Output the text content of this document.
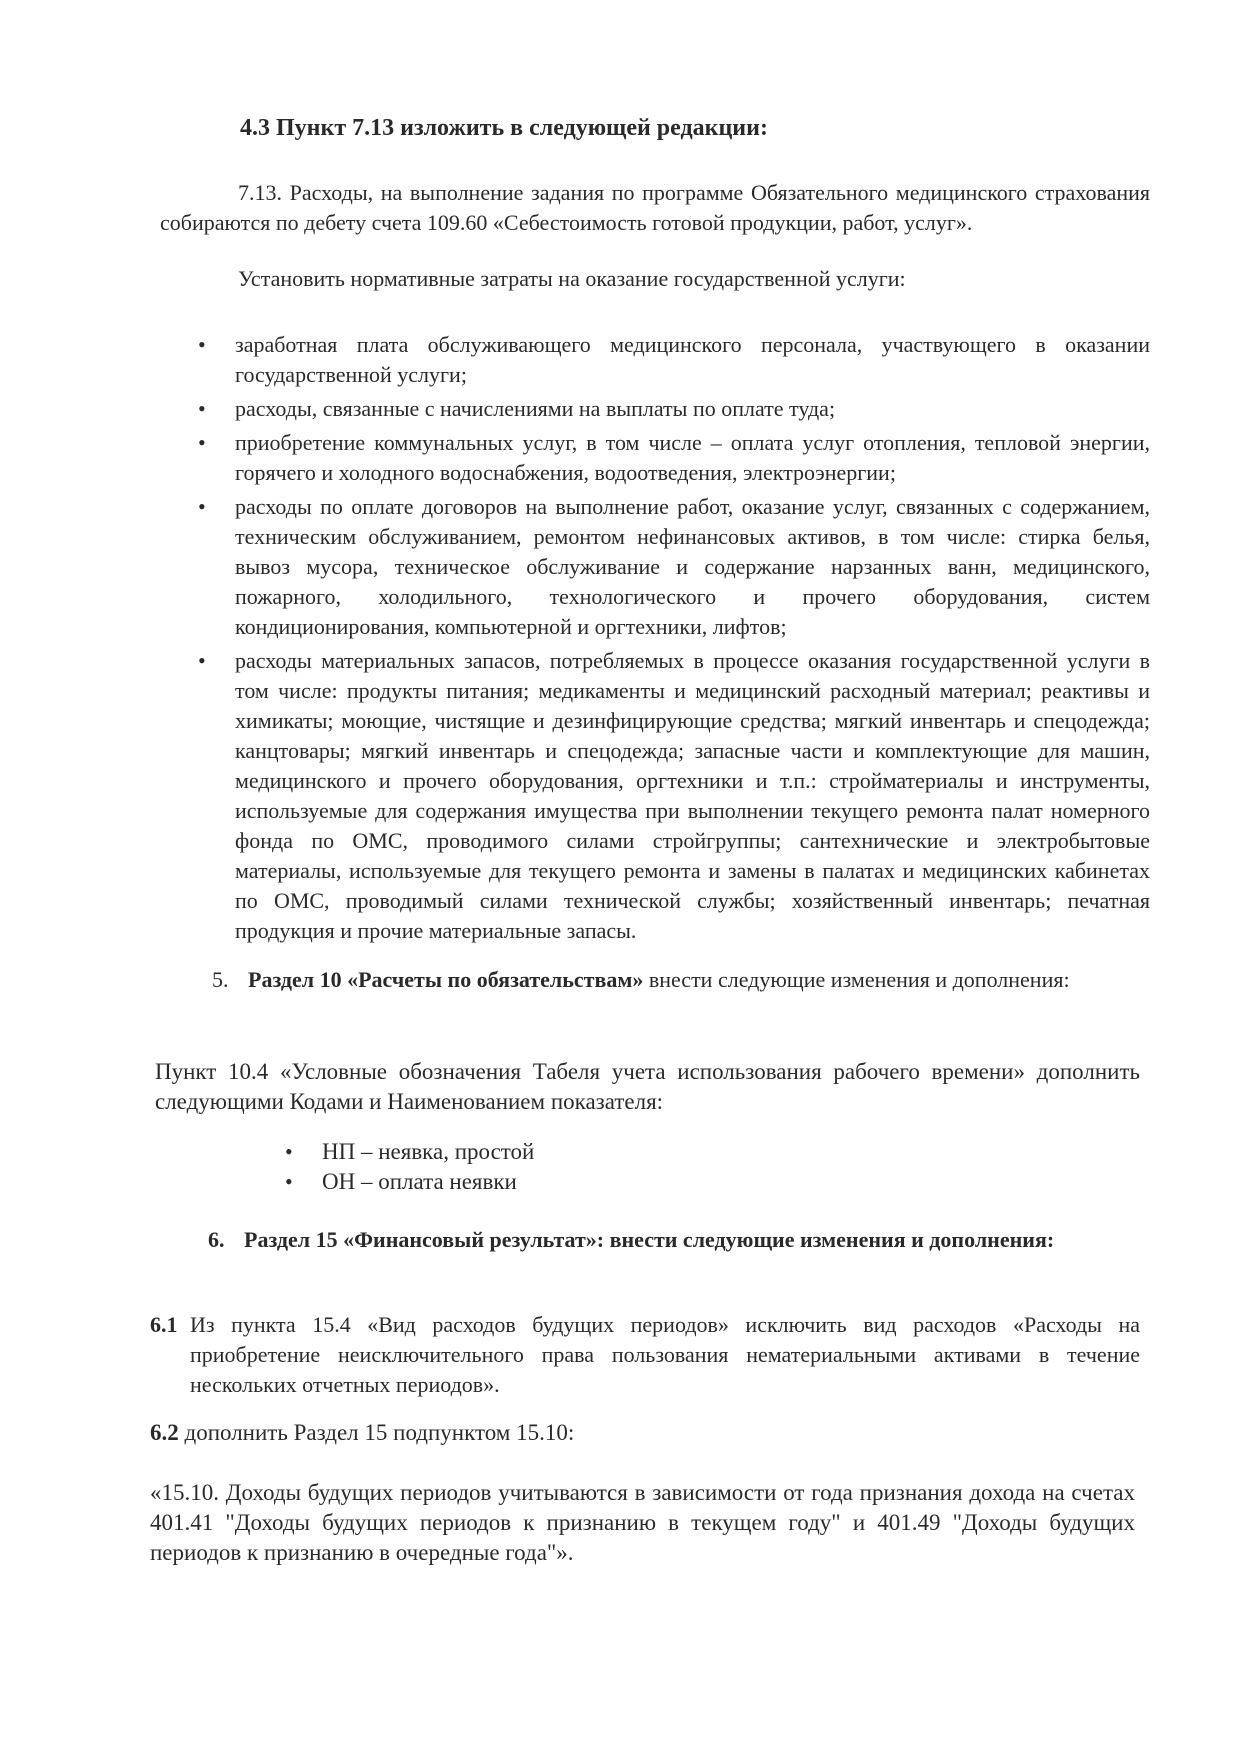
4.3 Пункт 7.13 изложить в следующей редакции:

7.13. Расходы, на выполнение задания по программе Обязательного медицинского страхования собираются по дебету счета 109.60 «Себестоимость готовой продукции, работ, услуг».

Установить нормативные затраты на оказание государственной услуги:

• заработная плата обслуживающего медицинского персонала, участвующего в оказании государственной услуги;
• расходы, связанные с начислениями на выплаты по оплате туда;
• приобретение коммунальных услуг, в том числе – оплата услуг отопления, тепловой энергии, горячего и холодного водоснабжения, водоотведения, электроэнергии;
• расходы по оплате договоров на выполнение работ, оказание услуг, связанных с содержанием, техническим обслуживанием, ремонтом нефинансовых активов, в том числе: стирка белья, вывоз мусора, техническое обслуживание и содержание нарзанных ванн, медицинского, пожарного, холодильного, технологического и прочего оборудования, систем кондиционирования, компьютерной и оргтехники, лифтов;
• расходы материальных запасов, потребляемых в процессе оказания государственной услуги в том числе: продукты питания; медикаменты и медицинский расходный материал; реактивы и химикаты; моющие, чистящие и дезинфицирующие средства; мягкий инвентарь и спецодежда; канцтовары; мягкий инвентарь и спецодежда; запасные части и комплектующие для машин, медицинского и прочего оборудования, оргтехники и т.п.: стройматериалы и инструменты, используемые для содержания имущества при выполнении текущего ремонта палат номерного фонда по ОМС, проводимого силами стройгруппы; сантехнические и электробытовые материалы, используемые для текущего ремонта и замены в палатах и медицинских кабинетах по ОМС, проводимый силами технической службы; хозяйственный инвентарь; печатная продукция и прочие материальные запасы.
5. Раздел 10 «Расчеты по обязательствам» внести следующие изменения и дополнения:

Пункт 10.4 «Условные обозначения Табеля учета использования рабочего времени» дополнить следующими Кодами и Наименованием показателя:

• НП – неявка, простой
• ОН – оплата неявки
6. Раздел 15 «Финансовый результат»: внести следующие изменения и дополнения:

6.1 Из пункта 15.4 «Вид расходов будущих периодов» исключить вид расходов «Расходы на приобретение неисключительного права пользования нематериальными активами в течение нескольких отчетных периодов».

6.2 дополнить Раздел 15 подпунктом 15.10:

«15.10. Доходы будущих периодов учитываются в зависимости от года признания дохода на счетах 401.41 "Доходы будущих периодов к признанию в текущем году" и 401.49 "Доходы будущих периодов к признанию в очередные года"».
